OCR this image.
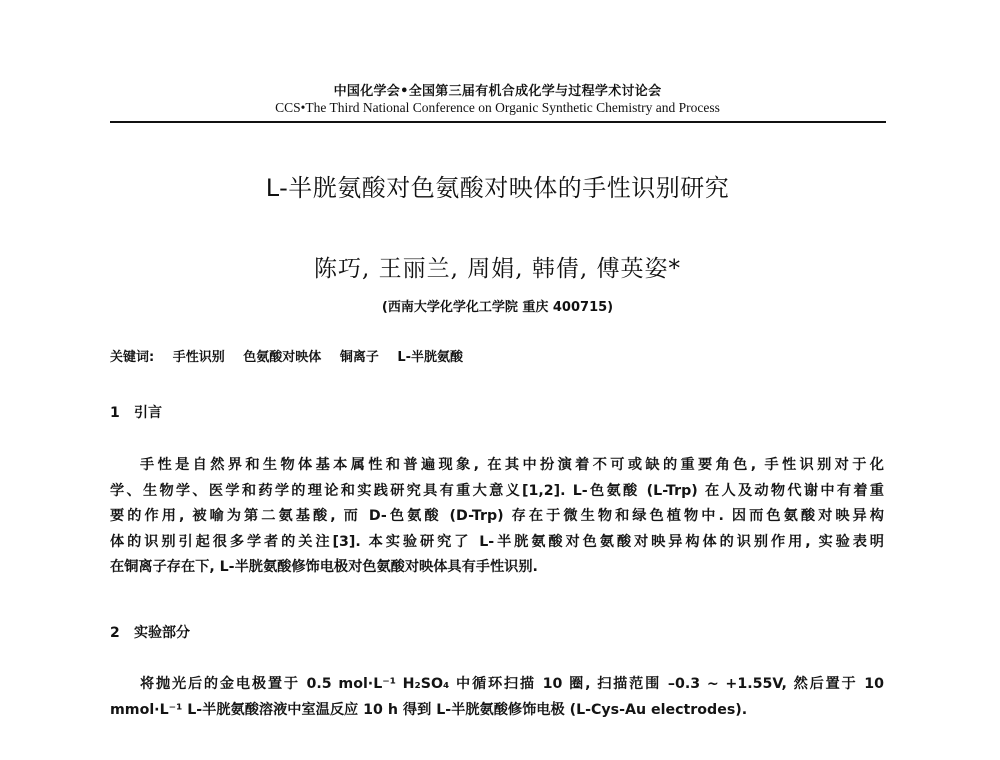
中国化学会•全国第三届有机合成化学与过程学术讨论会
CCS•The Third National Conference on Organic Synthetic Chemistry and Process
L-半胱氨酸对色氨酸对映体的手性识别研究
陈巧, 王丽兰, 周娟, 韩倩, 傅英姿*
(西南大学化学化工学院 重庆 400715)
关键词: 手性识别 色氨酸对映体 铜离子 L-半胱氨酸
1 引言
手性是自然界和生物体基本属性和普遍现象, 在其中扮演着不可或缺的重要角色, 手性识别对于化
学、生物学、医学和药学的理论和实践研究具有重大意义[1,2]. L-色氨酸 (L-Trp) 在人及动物代谢中有着重
要的作用, 被喻为第二氨基酸, 而 D-色氨酸 (D-Trp) 存在于微生物和绿色植物中. 因而色氨酸对映异构
体的识别引起很多学者的关注[3]. 本实验研究了 L-半胱氨酸对色氨酸对映异构体的识别作用, 实验表明
在铜离子存在下, L-半胱氨酸修饰电极对色氨酸对映体具有手性识别.
2 实验部分
将抛光后的金电极置于 0.5 mol·L⁻¹ H₂SO₄ 中循环扫描 10 圈, 扫描范围 –0.3 ~ +1.55V, 然后置于 10
mmol·L⁻¹ L-半胱氨酸溶液中室温反应 10 h 得到 L-半胱氨酸修饰电极 (L-Cys-Au electrodes).
